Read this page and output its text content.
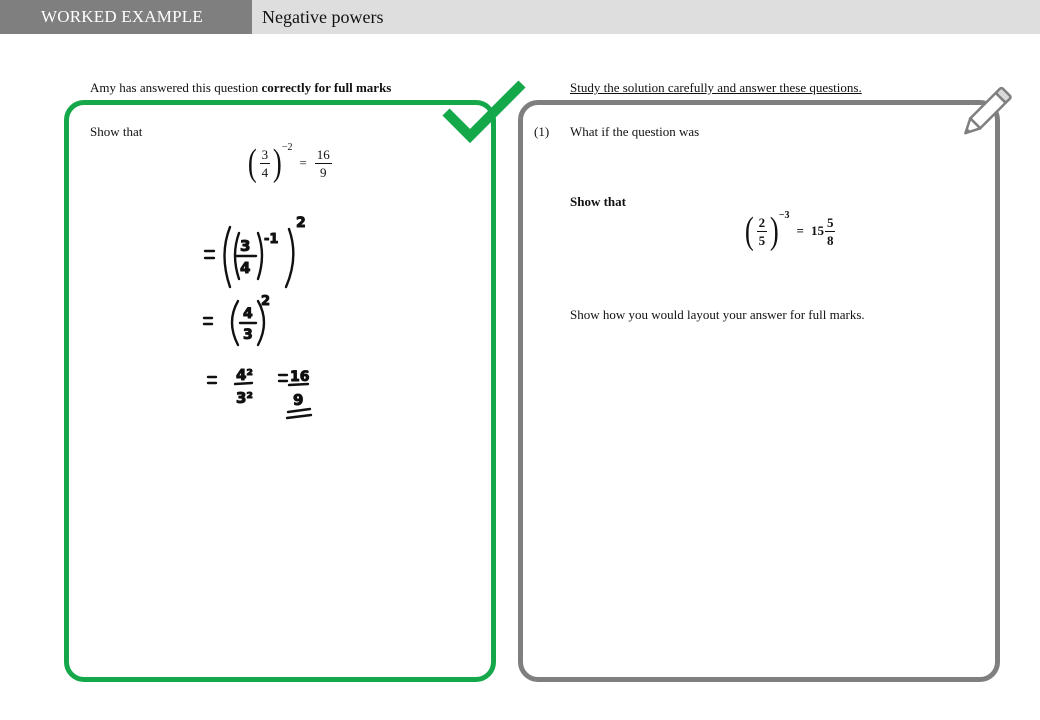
WORKED EXAMPLE	Negative powers
Amy has answered this question correctly for full marks	Study the solution carefully and answer these questions.
Show that
( $\frac{3}{4}$ ) −2
= $\frac{16}{9}$
3
4
-1
2
4
3
2
4²
3²
16
9
(1) What if the question was
Show that
( $\frac{2}{5}$ ) −3
= $15 \frac{5}{8}$
Show how you would layout your answer for full marks.
